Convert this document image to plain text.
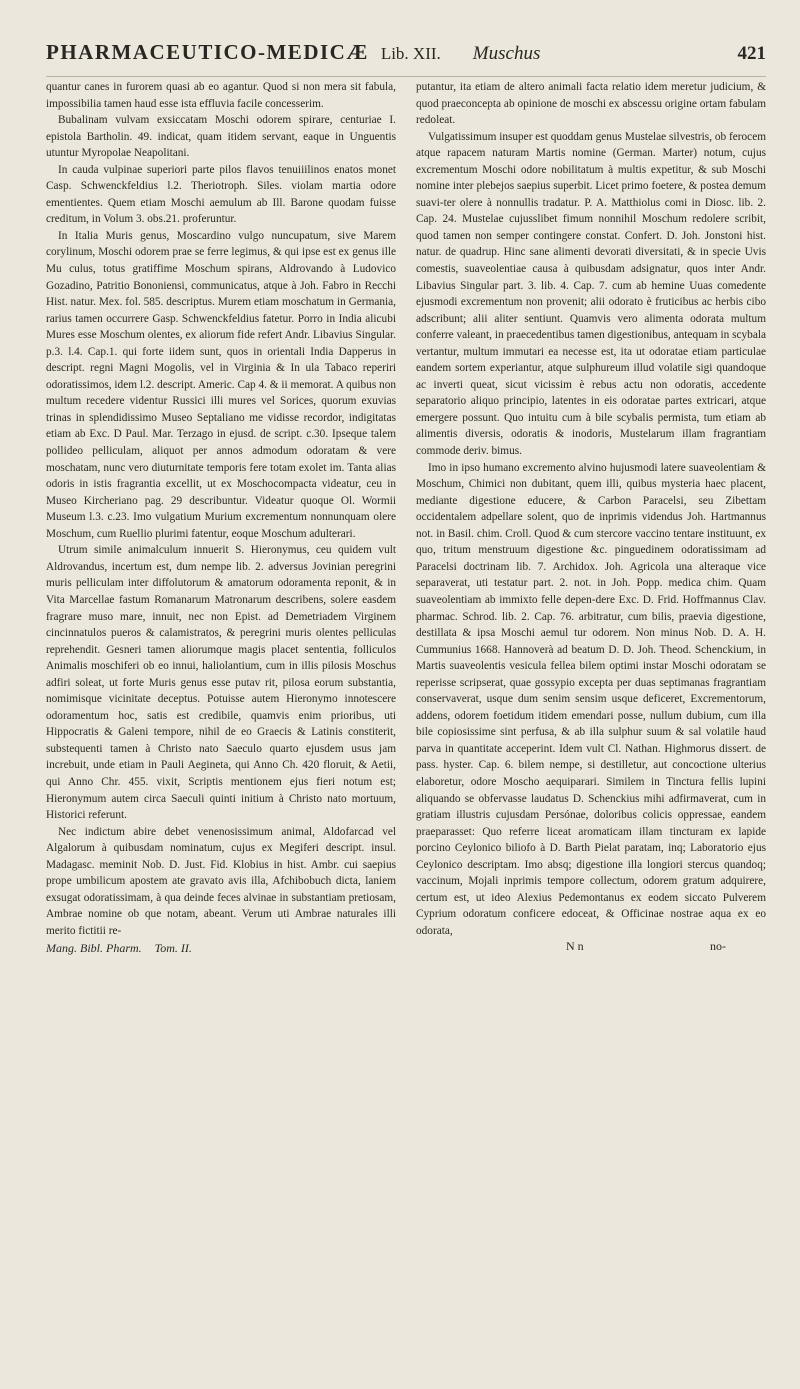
PHARMACEUTICO-MEDICÆ Lib. XII. Muschus	421

quantur canes in furorem quasi ab eo agantur. Quod si non mera sit fabula, impossibilia tamen haud esse ista effluvia facile concesserim.

Bubalinam vulvam exsiccatam Moschi odorem spirare, centuriae I. epistola Bartholin. 49. indicat, quam itidem servant, eaque in Unguentis utuntur Myropolae Neapolitani.

In cauda vulpinae superiori parte pilos flavos tenuiiilinos enatos monet Casp. Schwenckfeldius l.2. Theriotroph. Siles. violam martia odore ementientes. Quem etiam Moschi aemulum ab Ill. Barone quodam fuisse creditum, in Volum 3. obs.21. proferuntur.

In Italia Muris genus, Moscardino vulgo nuncupatum, sive Marem corylinum, Moschi odorem prae se ferre legimus, & qui ipse est ex genus ille Mu culus, totus gratiffime Moschum spirans, Aldrovando à Ludovico Gozadino, Patritio Bononiensi, communicatus, atque à Joh. Fabro in Recchi Hist. natur. Mex. fol. 585. descriptus. Murem etiam moschatum in Germania, rarius tamen occurrere Gasp. Schwenckfeldius fatetur. Porro in India alicubi Mures esse Moschum olentes, ex aliorum fide refert Andr. Libavius Singular. p.3. l.4. Cap.1. qui forte iidem sunt, quos in orientali India Dapperus in descript. regni Magni Mogolis, vel in Virginia & In ula Tabaco reperiri odoratissimos, idem l.2. descript. Americ. Cap 4. & ii memorat. A quibus non multum recedere videntur Russici illi mures vel Sorices, quorum exuvias trinas in splendidissimo Museo Septaliano me vidisse recordor, indigitatas etiam ab Exc. D Paul. Mar. Terzago in ejusd. de script. c.30. Ipseque talem pollideo pelliculam, aliquot per annos admodum odoratam & vere moschatam, nunc vero diuturnitate temporis fere totam exolet im. Tanta alias odoris in istis fragrantia excellit, ut ex Moschocompacta videatur, ceu in Museo Kircheriano pag. 29 describuntur. Videatur quoque Ol. Wormii Museum l.3. c.23. Imo vulgatium Murium excrementum nonnunquam olere Moschum, cum Ruellio plurimi fatentur, eoque Moschum adulterari.

Utrum simile animalculum innuerit S. Hieronymus, ceu quidem vult Aldrovandus, incertum est, dum nempe lib. 2. adversus Jovinian peregrini muris pelliculam inter diffolutorum & amatorum odoramenta reponit, & in Vita Marcellae fastum Romanarum Matronarum describens, solere easdem fragrare muso mare, innuit, nec non Epist. ad Demetriadem Virginem cincinnatulos pueros & calamistratos, & peregrini muris olentes pelliculas reprehendit. Gesneri tamen aliorumque magis placet sententia, folliculos Animalis moschiferi ob eo innui, haliolantium, cum in illis pilosis Moschus adfiri soleat, ut forte Muris genus esse putav rit, pilosa eorum substantia, nomimisque vicinitate deceptus. Potuisse autem Hieronymo innotescere odoramentum hoc, satis est credibile, quamvis enim prioribus, uti Hippocratis & Galeni tempore, nihil de eo Graecis & Latinis constiterit, substequenti tamen à Christo nato Saeculo quarto ejusdem usus jam increbuit, unde etiam in Pauli Aegineta, qui Anno Ch. 420 floruit, & Aetii, qui Anno Chr. 455. vixit, Scriptis mentionem ejus fieri notum est; Hieronymum autem circa Saeculi quinti initium à Christo nato mortuum, Historici referunt.

Nec indictum abire debet venenosissimum animal, Aldofarcad vel Algalorum à quibusdam nominatum, cujus ex Megiferi descript. insul. Madagasc. meminit Nob. D. Just. Fid. Klobius in hist. Ambr. cui saepius prope umbilicum apostem ate gravato avis illa, Afchibobuch dicta, laniem exsugat odoratissimam, à qua deinde feces alvinae in substantiam pretiosam, Ambrae nomine ob que notam, abeant. Verum uti Ambrae naturales illi merito fictitii re-

Mang. Bibl. Pharm. Tom. II.

putantur, ita etiam de altero animali facta relatio idem meretur judicium, & quod praeconcepta ab opinione de moschi ex abscessu origine ortam fabulam redoleat.

Vulgatissimum insuper est quoddam genus Mustelae silvestris, ob ferocem atque rapacem naturam Martis nomine (German. Marter) notum, cujus excrementum Moschi odore nobilitatum à multis expetitur, & sub Moschi nomine inter plebejos saepius superbit. Licet primo foetere, & postea demum suavi-ter olere à nonnullis tradatur. P. A. Matthiolus comi in Diosc. lib. 2. Cap. 24. Mustelae cujusslibet fimum nonnihil Moschum redolere scribit, quod tamen non semper contingere constat. Confert. D. Joh. Jonstoni hist. natur. de quadrup. Hinc sane alimenti devorati diversitati, & in specie Uvis comestis, suaveolentiae causa à quibusdam adsignatur, quos inter Andr. Libavius Singular part. 3. lib. 4. Cap. 7. cum ab hemine Uuas comedente ejusmodi excrementum non provenit; alii odorato è fruticibus ac herbis cibo adscribunt; alii aliter sentiunt. Quamvis vero alimenta odorata multum conferre valeant, in praecedentibus tamen digestionibus, antequam in scybala vertantur, multum immutari ea necesse est, ita ut odoratae etiam particulae eandem sortem experiantur, atque sulphureum illud volatile sigi quandoque ac inverti queat, sicut vicissim è rebus actu non odoratis, accedente separatorio aliquo principio, latentes in eis odoratae partes extricari, atque emergere possunt. Quo intuitu cum à bile scybalis permista, tum etiam ab alimentis diversis, odoratis & inodoris, Mustelarum illam fragrantiam commode deriv. bimus.

Imo in ipso humano excremento alvino hujusmodi latere suaveolentiam & Moschum, Chimici non dubitant, quem illi, quibus mysteria haec placent, mediante digestione educere, & Carbon Paracelsi, seu Zibettam occidentalem adpellare solent, quo de inprimis videndus Joh. Hartmannus not. in Basil. chim. Croll. Quod & cum stercore vaccino tentare instituunt, ex quo, tritum menstruum digestione &c. pinguedinem odoratissimam ad Paracelsi doctrinam lib. 7. Archidox. Joh. Agricola una alteraque vice separaverat, uti testatur part. 2. not. in Joh. Popp. medica chim. Quam suaveolentiam ab immixto felle depen-dere Exc. D. Frid. Hoffmannus Clav. pharmac. Schrod. lib. 2. Cap. 76. arbitratur, cum bilis, praevia digestione, destillata & ipsa Moschi aemul tur odorem. Non minus Nob. D. A. H. Cummunius 1668. Hannoverà ad beatum D. D. Joh. Theod. Schenckium, in Martis suaveolentis vesicula fellea bilem optimi instar Moschi odoratam se reperisse scripserat, quae gossypio excepta per duas septimanas fragrantiam conservaverat, usque dum senim sensim usque deficeret, Excrementorum, addens, odorem foetidum itidem emendari posse, nullum dubium, cum illa bile copiosissime sint perfusa, & ab illa sulphur suum & sal volatile haud parva in quantitate acceperint. Idem vult Cl. Nathan. Highmorus dissert. de pass. hyster. Cap. 6. bilem nempe, si destilletur, aut concoctione ulterius elaboretur, odore Moscho aequiparari. Similem in Tinctura fellis lupini aliquando se obfervasse laudatus D. Schenckius mihi adfirmaverat, cum in gratiam illustris cujusdam Persónae, doloribus colicis oppressae, eandem praeparasset: Quo referre liceat aromaticam illam tincturam ex lapide porcino Ceylonico biliofo à D. Barth Pielat paratam, inq; Laboratorio ejus Ceylonico descriptam. Imo absq; digestione illa longiori stercus quandoq; vaccinum, Mojali inprimis tempore collectum, odorem gratum adquirere, certum est, ut ideo Alexius Pedemontanus ex eodem siccato Pulverem Cyprium odoratum conficere edoceat, & Officinae nostrae aqua ex eo odorata,

N n	no-
